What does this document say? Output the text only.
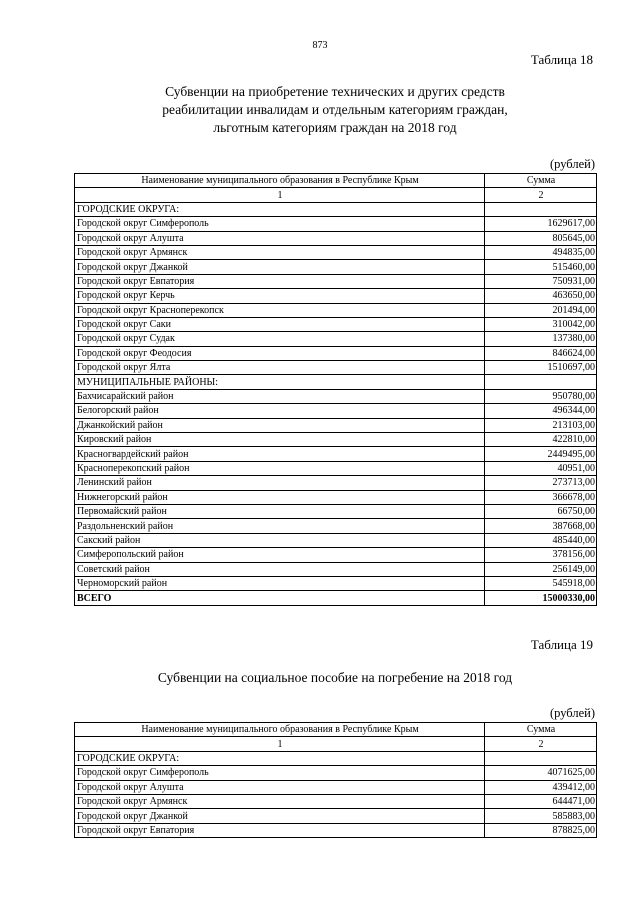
873
Таблица 18
Субвенции на приобретение технических и других средств
реабилитации инвалидам и отдельным категориям граждан,
льготным категориям граждан на 2018 год
(рублей)
Наименование муниципального образования в Республике Крым	Сумма
1	2
ГОРОДСКИЕ ОКРУГА:	
Городской округ Симферополь	1629617,00
Городской округ Алушта	805645,00
Городской округ Армянск	494835,00
Городской округ Джанкой	515460,00
Городской округ Евпатория	750931,00
Городской округ Керчь	463650,00
Городской округ Красноперекопск	201494,00
Городской округ Саки	310042,00
Городской округ Судак	137380,00
Городской округ Феодосия	846624,00
Городской округ Ялта	1510697,00
МУНИЦИПАЛЬНЫЕ РАЙОНЫ:	
Бахчисарайский район	950780,00
Белогорский район	496344,00
Джанкойский район	213103,00
Кировский район	422810,00
Красногвардейский район	2449495,00
Красноперекопский район	40951,00
Ленинский район	273713,00
Нижнегорский район	366678,00
Первомайский район	66750,00
Раздольненский район	387668,00
Сакский район	485440,00
Симферопольский район	378156,00
Советский район	256149,00
Черноморский район	545918,00
ВСЕГО	15000330,00
Таблица 19
Субвенции на социальное пособие на погребение на 2018 год
(рублей)
Наименование муниципального образования в Республике Крым	Сумма
1	2
ГОРОДСКИЕ ОКРУГА:	
Городской округ Симферополь	4071625,00
Городской округ Алушта	439412,00
Городской округ Армянск	644471,00
Городской округ Джанкой	585883,00
Городской округ Евпатория	878825,00
